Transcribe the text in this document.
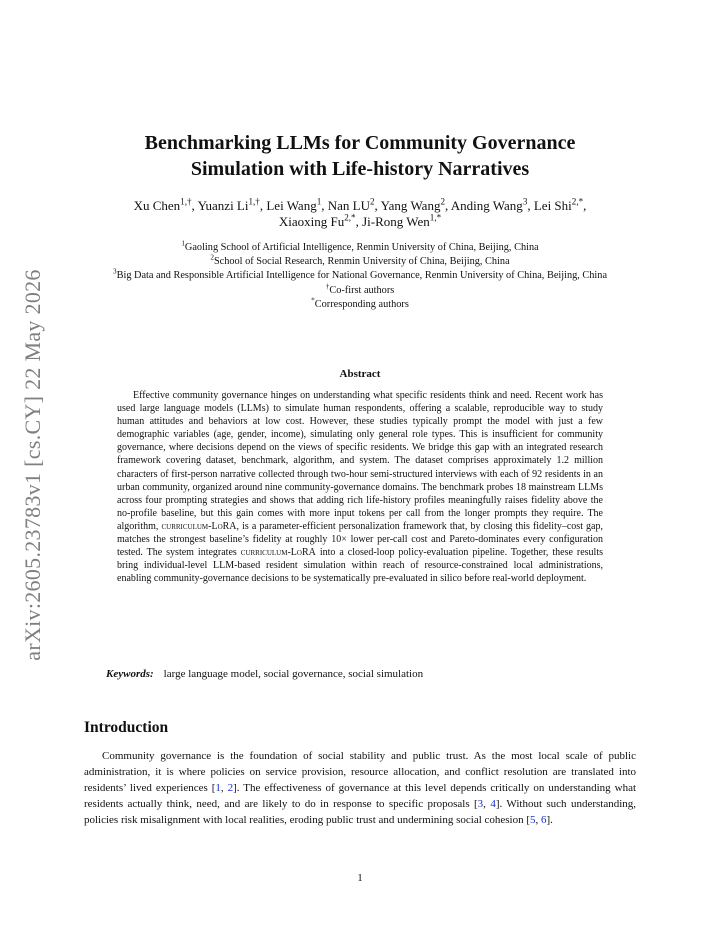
arXiv:2605.23783v1 [cs.CY] 22 May 2026
Benchmarking LLMs for Community Governance
Simulation with Life-history Narratives
Xu Chen$^{1,\dagger}$, Yuanzi $Li^{1,\dagger}$, Lei Wang$^1$, Nan $LU^2$, Yang Wang$^2$, Anding Wang$^3$, Lei Shi$^{2,*}$,
Xiaoxing $Fu^{2,*}$, Ji-Rong Wen$^{1,*}$
$^1$Gaoling School of Artificial Intelligence, Renmin University of China, Beijing, China
$^2$School of Social Research, Renmin University of China, Beijing, China
$^3$Big Data and Responsible Artificial Intelligence for National Governance, Renmin University of China, Beijing, China
†Co-first authors
*Corresponding authors
Abstract
Effective community governance hinges on understanding what specific residents think and need. Recent work has used large language models (LLMs) to simulate human respondents, offering a scalable, reproducible way to study human attitudes and behaviors at low cost. However, these studies typically prompt the model with just a few demographic variables (age, gender, income), simulating only general role types. This is insufficient for community governance, where decisions depend on the views of specific residents. We bridge this gap with an integrated research framework covering dataset, benchmark, algorithm, and system. The dataset comprises approximately 1.2 million characters of first-person narrative collected through two-hour semi-structured interviews with each of 92 residents in an urban community, organized around nine community-governance domains. The benchmark probes 18 mainstream LLMs across four prompting strategies and shows that adding rich life-history profiles meaningfully raises fidelity above the no-profile baseline, but this gain comes with more input tokens per call from the longer prompts they require. The algorithm, curriculum-LoRA, is a parameter-efficient personalization framework that, by closing this fidelity–cost gap, matches the strongest baseline’s fidelity at roughly 10× lower per-call cost and Pareto-dominates every configuration tested. The system integrates curriculum-LoRA into a closed-loop policy-evaluation pipeline. Together, these results bring individual-level LLM-based resident simulation within reach of resource-constrained local administrations, enabling community-governance decisions to be systematically pre-evaluated in silico before real-world deployment.
Keywords: large language model, social governance, social simulation
Introduction
Community governance is the foundation of social stability and public trust. As the most local scale of public administration, it is where policies on service provision, resource allocation, and conflict resolution are translated into residents’ lived experiences [1, 2]. The effectiveness of governance at this level depends critically on understanding what residents actually think, need, and are likely to do in response to specific proposals [3, 4]. Without such understanding, policies risk misalignment with local realities, eroding public trust and undermining social cohesion [5, 6].
1
